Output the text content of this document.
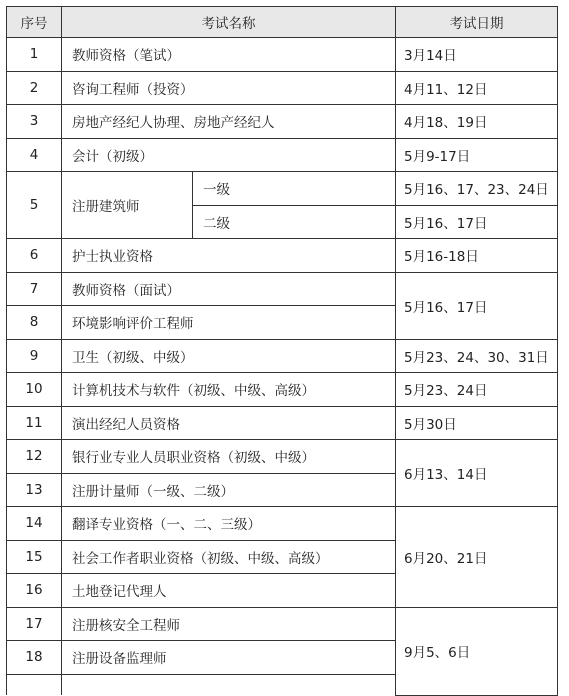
序号	考试名称		考试日期
1	教师资格（笔试）		3月14日
2	咨询工程师（投资）		4月11、12日
3	房地产经纪人协理、房地产经纪人		4月18、19日
4	会计（初级）		5月9-17日
5	注册建筑师	一级	5月16、17、23、24日
		二级	5月16、17日
6	护士执业资格		5月16-18日
7	教师资格（面试）		5月16、17日
8	环境影响评价工程师		
9	卫生（初级、中级）		5月23、24、30、31日
10	计算机技术与软件（初级、中级、高级）		5月23、24日
11	演出经纪人员资格		5月30日
12	银行业专业人员职业资格（初级、中级）		6月13、14日
13	注册计量师（一级、二级）		
14	翻译专业资格（一、二、三级）		6月20、21日
15	社会工作者职业资格（初级、中级、高级）		
16	土地登记代理人		
17	注册核安全工程师		9月5、6日
18	注册设备监理师		
